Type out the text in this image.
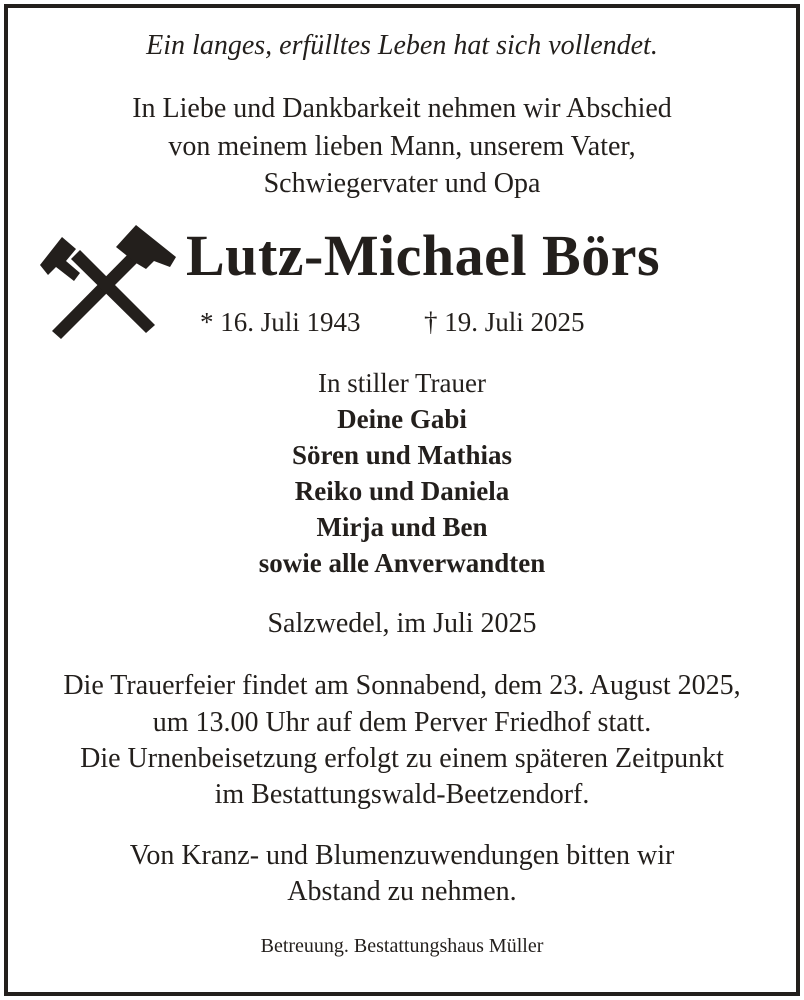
Ein langes, erfülltes Leben hat sich vollendet.

In Liebe und Dankbarkeit nehmen wir Abschied

von meinem lieben Mann, unserem Vater,

Schwiegervater und Opa

Lutz-Michael Börs

* 16. Juli 1943 † 19. Juli 2025

In stiller Trauer

Deine Gabi

Sören und Mathias

Reiko und Daniela

Mirja und Ben

sowie alle Anverwandten

Salzwedel, im Juli 2025

Die Trauerfeier findet am Sonnabend, dem 23. August 2025,

um 13.00 Uhr auf dem Perver Friedhof statt.

Die Urnenbeisetzung erfolgt zu einem späteren Zeitpunkt

im Bestattungswald-Beetzendorf.

Von Kranz- und Blumenzuwendungen bitten wir

Abstand zu nehmen.

Betreuung. Bestattungshaus Müller
